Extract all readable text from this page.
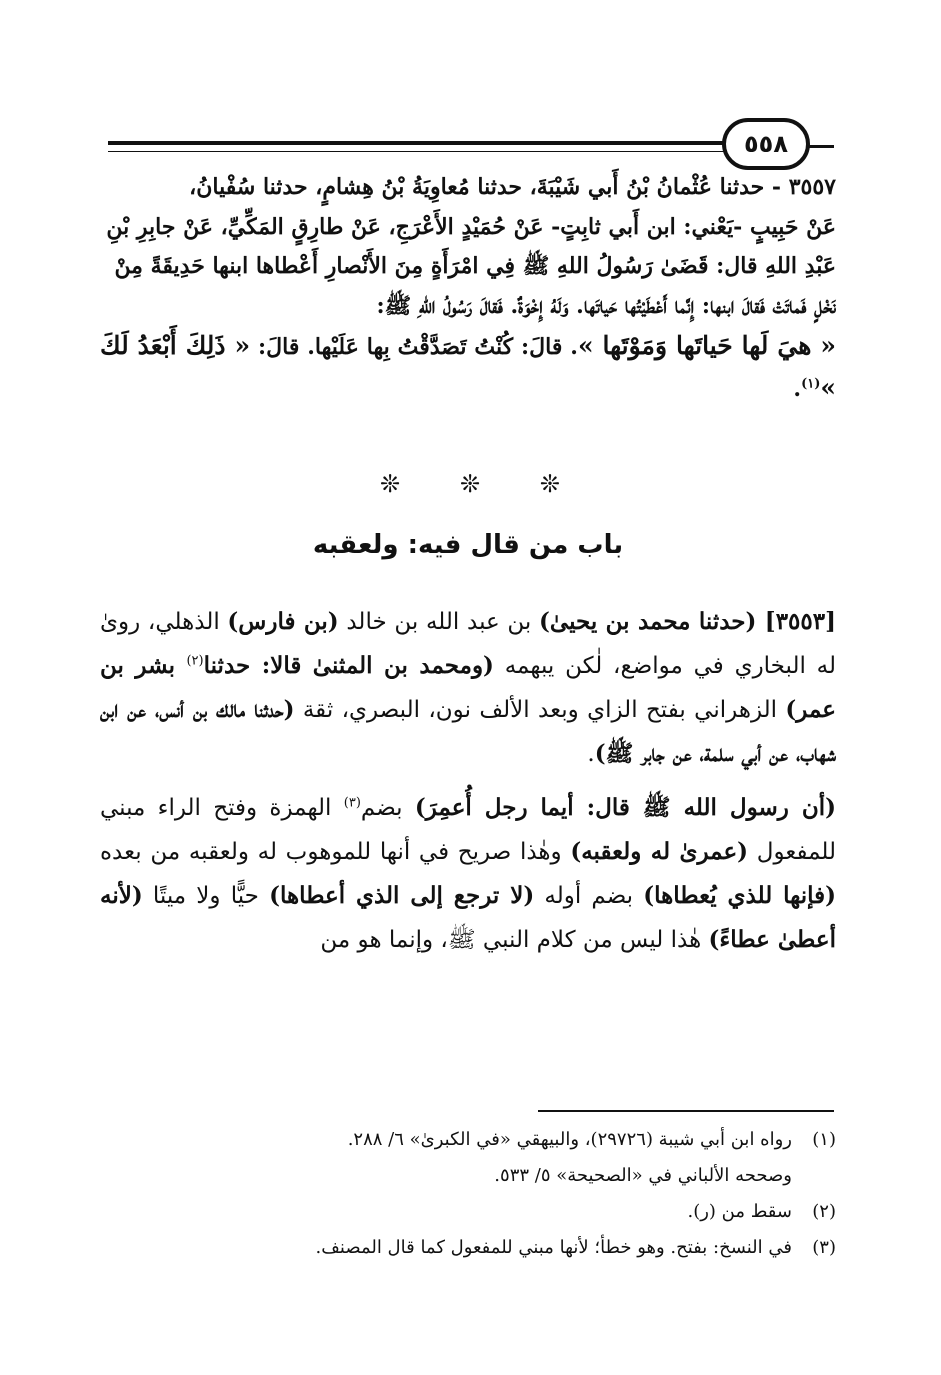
٥٥٨

٣٥٥٧ - حدثنا عُثْمانُ بْنُ أَبي شَيْبَةَ، حدثنا مُعاوِيَةُ بْنُ هِشامٍ، حدثنا سُفْيانُ،

عَنْ حَبِيبٍ -يَعْني: ابن أَبي ثابِتٍ- عَنْ حُمَيْدٍ الأَعْرَجِ، عَنْ طارِقٍ المَكِّيِّ، عَنْ جابِرِ بْنِ

عَبْدِ اللهِ قال: قَضَىٰ رَسُولُ اللهِ ﷺ فِي امْرَأَةٍ مِنَ الأَنْصارِ أَعْطاها ابنها حَدِيقَةً مِنْ

نَخْلٍ فَماتَتْ فَقالَ ابنها: إِنَّما أَعْطَيْتُها حَياتَها. وَلَهُ إِخْوَةٌ. فَقالَ رَسُولُ اللهِ ﷺ:

« هيَ لَها حَياتَها وَمَوْتَها ». قالَ: كُنْتُ تَصَدَّقْتُ بِها عَلَيْها. قالَ: « ذَلِكَ أَبْعَدُ لَكَ »$^{(١)}$.

❊ ❊ ❊
باب من قال فيه: ولعقبه

[٣٥٥٣] (حدثنا محمد بن يحيىٰ) بن عبد الله بن خالد (بن فارس) الذهلي، رویٰ له البخاري في مواضع، لٰكن يبهمه (ومحمد بن المثنىٰ قالا: حدثنا$^{(٢)}$ بشر بن عمر) الزهراني بفتح الزاي وبعد الألف نون، البصري، ثقة (حدثنا مالك بن أنس، عن ابن شهاب، عن أبي سلمة، عن جابر ﷺ).

(أن رسول الله ﷺ قال: أيما رجل أُعمِرَ) بضم$^{(٣)}$ الهمزة وفتح الراء مبني للمفعول (عمرىٰ له ولعقبه) وهٰذا صريح في أنها للموهوب له ولعقبه من بعده (فإنها للذي يُعطاها) بضم أوله (لا ترجع إلى الذي أعطاها) حيًّا ولا ميتًا (لأنه أعطىٰ عطاءً) هٰذا ليس من كلام النبي ﷺ، وإنما هو من

(١)
رواه ابن أبي شيبة (٢٩٧٢٦)، والبيهقي «في الكبرىٰ» ٦/ ٢٨٨.
وصححه الألباني في «الصحيحة» ٥/ ٥٣٣.
(٢)
سقط من (ر).
(٣)
في النسخ: بفتح. وهو خطأ؛ لأنها مبني للمفعول كما قال المصنف.
